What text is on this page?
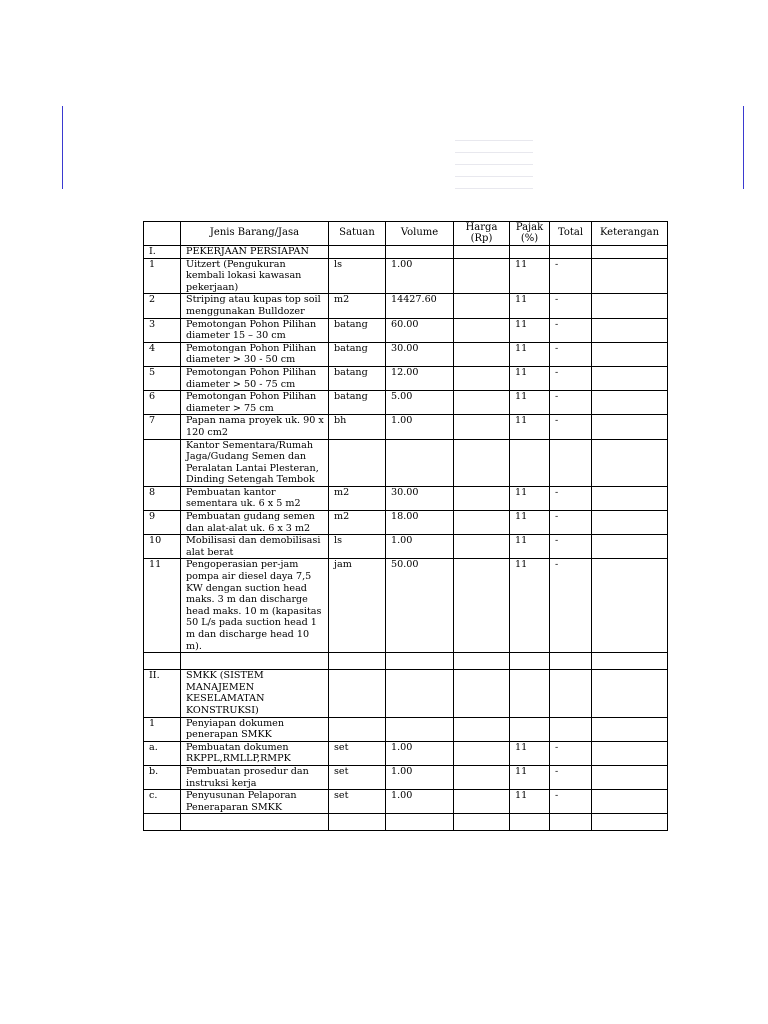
	Jenis Barang/Jasa	Satuan	Volume	Harga (Rp)	Pajak (%)	Total	Keterangan
I.	PEKERJAAN PERSIAPAN						
1	Uitzert (Pengukuran kembali lokasi kawasan pekerjaan)	ls	1.00		11	-	
2	Striping atau kupas top soil menggunakan Bulldozer	m2	14427.60		11	-	
3	Pemotongan Pohon Pilihan diameter 15 – 30 cm	batang	60.00		11	-	
4	Pemotongan Pohon Pilihan diameter > 30 - 50 cm	batang	30.00		11	-	
5	Pemotongan Pohon Pilihan diameter > 50 - 75 cm	batang	12.00		11	-	
6	Pemotongan Pohon Pilihan diameter > 75 cm	batang	5.00		11	-	
7	Papan nama proyek uk. 90 x 120 cm2	bh	1.00		11	-	
	Kantor Sementara/Rumah Jaga/Gudang Semen dan Peralatan Lantai Plesteran, Dinding Setengah Tembok						
8	Pembuatan kantor sementara uk. 6 x 5 m2	m2	30.00		11	-	
9	Pembuatan gudang semen dan alat-alat uk. 6 x 3 m2	m2	18.00		11	-	
10	Mobilisasi dan demobilisasi alat berat	ls	1.00		11	-	
11	Pengoperasian per-jam pompa air diesel daya 7,5 KW dengan suction head maks. 3 m dan discharge head maks. 10 m (kapasitas 50 L/s pada suction head 1 m dan discharge head 10 m).	jam	50.00		11	-	

II.	SMKK (SISTEM MANAJEMEN KESELAMATAN KONSTRUKSI)						
1	Penyiapan dokumen penerapan SMKK						
a.	Pembuatan dokumen RKPPL,RMLLP,RMPK	set	1.00		11	-	
b.	Pembuatan prosedur dan instruksi kerja	set	1.00		11	-	
c.	Penyusunan Pelaporan Peneraparan SMKK	set	1.00		11	-	
